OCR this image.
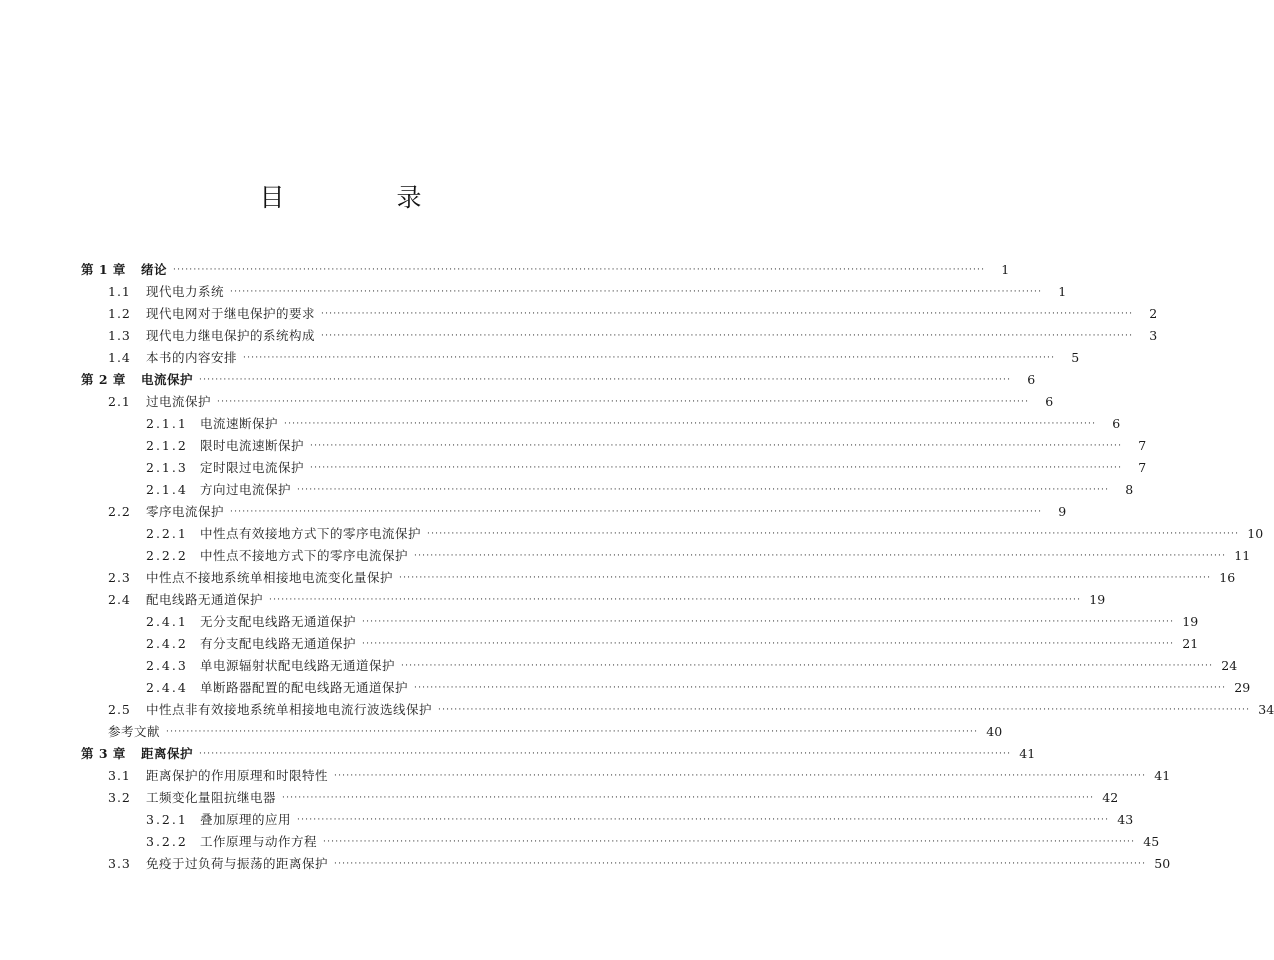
目 录
第 1 章	绪论 ········································································································································································································	1
1.1	现代电力系统 ········································································································································································································	1
1.2	现代电网对于继电保护的要求 ········································································································································································································	2
1.3	现代电力继电保护的系统构成 ········································································································································································································	3
1.4	本书的内容安排 ········································································································································································································	5
第 2 章	电流保护 ········································································································································································································	6
2.1	过电流保护 ········································································································································································································	6
2.1.1 电流速断保护 ········································································································································································································	6
2.1.2 限时电流速断保护 ········································································································································································································	7
2.1.3 定时限过电流保护 ········································································································································································································	7
2.1.4 方向过电流保护 ········································································································································································································	8
2.2	零序电流保护 ········································································································································································································	9
2.2.1 中性点有效接地方式下的零序电流保护 ········································································································································································································ 10
2.2.2 中性点不接地方式下的零序电流保护 ········································································································································································································ 11
2.3	中性点不接地系统单相接地电流变化量保护 ········································································································································································································ 16
2.4	配电线路无通道保护 ········································································································································································································ 19
2.4.1 无分支配电线路无通道保护 ········································································································································································································ 19
2.4.2 有分支配电线路无通道保护 ········································································································································································································ 21
2.4.3 单电源辐射状配电线路无通道保护 ········································································································································································································ 24
2.4.4 单断路器配置的配电线路无通道保护 ········································································································································································································ 29
2.5	中性点非有效接地系统单相接地电流行波选线保护 ········································································································································································································ 34
参考文献 ········································································································································································································ 40
第 3 章	距离保护 ········································································································································································································ 41
3.1	距离保护的作用原理和时限特性 ········································································································································································································ 41
3.2	工频变化量阻抗继电器 ········································································································································································································ 42
3.2.1 叠加原理的应用 ········································································································································································································ 43
3.2.2 工作原理与动作方程 ········································································································································································································ 45
3.3	免疫于过负荷与振荡的距离保护 ········································································································································································································ 50
